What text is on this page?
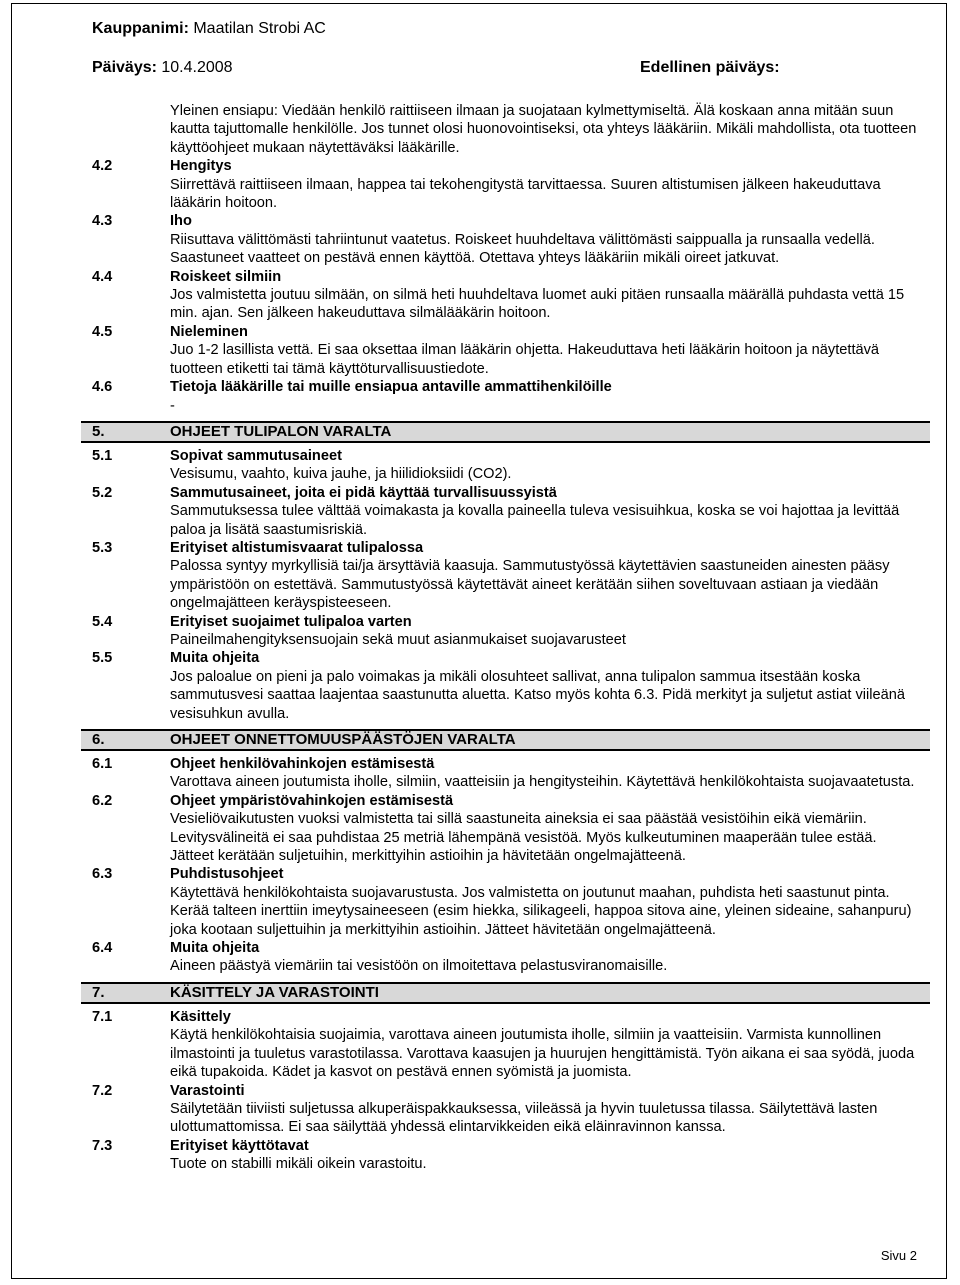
Kauppanimi: Maatilan Strobi AC
Päiväys: 10.4.2008	Edellinen päiväys:
Yleinen ensiapu: Viedään henkilö raittiiseen ilmaan ja suojataan kylmettymiseltä. Älä koskaan anna mitään suun kautta tajuttomalle henkilölle. Jos tunnet olosi huonovointiseksi, ota yhteys lääkäriin. Mikäli mahdollista, ota tuotteen käyttöohjeet mukaan näytettäväksi lääkärille.
4.2	Hengitys
Siirrettävä raittiiseen ilmaan, happea tai tekohengitystä tarvittaessa. Suuren altistumisen jälkeen hakeuduttava lääkärin hoitoon.
4.3	Iho
Riisuttava välittömästi tahriintunut vaatetus. Roiskeet huuhdeltava välittömästi saippualla ja runsaalla vedellä. Saastuneet vaatteet on pestävä ennen käyttöä. Otettava yhteys lääkäriin mikäli oireet jatkuvat.
4.4	Roiskeet silmiin
Jos valmistetta joutuu silmään, on silmä heti huuhdeltava luomet auki pitäen runsaalla määrällä puhdasta vettä 15 min. ajan. Sen jälkeen hakeuduttava silmälääkärin hoitoon.
4.5	Nieleminen
Juo 1-2 lasillista vettä. Ei saa oksettaa ilman lääkärin ohjetta. Hakeuduttava heti lääkärin hoitoon ja näytettävä tuotteen etiketti tai tämä käyttöturvallisuustiedote.
4.6	Tietoja lääkärille tai muille ensiapua antaville ammattihenkilöille
-
5.	OHJEET TULIPALON VARALTA
5.1	Sopivat sammutusaineet
Vesisumu, vaahto, kuiva jauhe, ja hiilidioksiidi (CO2).
5.2	Sammutusaineet, joita ei pidä käyttää turvallisuussyistä
Sammutuksessa tulee välttää voimakasta ja kovalla paineella tuleva vesisuihkua, koska se voi hajottaa ja levittää paloa ja lisätä saastumisriskiä.
5.3	Erityiset altistumisvaarat tulipalossa
Palossa syntyy myrkyllisiä tai/ja ärsyttäviä kaasuja. Sammutustyössä käytettävien saastuneiden ainesten pääsy ympäristöön on estettävä. Sammutustyössä käytettävät aineet kerätään siihen soveltuvaan astiaan ja viedään ongelmajätteen keräyspisteeseen.
5.4	Erityiset suojaimet tulipaloa varten
Paineilmahengityksensuojain sekä muut asianmukaiset suojavarusteet
5.5	Muita ohjeita
Jos paloalue on pieni ja palo voimakas ja mikäli olosuhteet sallivat, anna tulipalon sammua itsestään koska sammutusvesi saattaa laajentaa saastunutta aluetta. Katso myös kohta 6.3. Pidä merkityt ja suljetut astiat viileänä vesisuhkun avulla.
6.	OHJEET ONNETTOMUUSPÄÄSTÖJEN VARALTA
6.1	Ohjeet henkilövahinkojen estämisestä
Varottava aineen joutumista iholle, silmiin, vaatteisiin ja hengitysteihin. Käytettävä henkilökohtaista suojavaatetusta.
6.2	Ohjeet ympäristövahinkojen estämisestä
Vesieliövaikutusten vuoksi valmistetta tai sillä saastuneita aineksia ei saa päästää vesistöihin eikä viemäriin. Levitysvälineitä ei saa puhdistaa 25 metriä lähempänä vesistöä. Myös kulkeutuminen maaperään tulee estää. Jätteet kerätään suljetuihin, merkittyihin astioihin ja hävitetään ongelmajätteenä.
6.3	Puhdistusohjeet
Käytettävä henkilökohtaista suojavarustusta. Jos valmistetta on joutunut maahan, puhdista heti saastunut pinta. Kerää talteen inerttiin imeytysaineeseen (esim hiekka, silikageeli, happoa sitova aine, yleinen sideaine, sahanpuru) joka kootaan suljettuihin ja merkittyihin astioihin. Jätteet hävitetään ongelmajätteenä.
6.4	Muita ohjeita
Aineen päästyä viemäriin tai vesistöön on ilmoitettava pelastusviranomaisille.
7.	KÄSITTELY JA VARASTOINTI
7.1	Käsittely
Käytä henkilökohtaisia suojaimia, varottava aineen joutumista iholle, silmiin ja vaatteisiin. Varmista kunnollinen ilmastointi ja tuuletus varastotilassa. Varottava kaasujen ja huurujen hengittämistä. Työn aikana ei saa syödä, juoda eikä tupakoida. Kädet ja kasvot on pestävä ennen syömistä ja juomista.
7.2	Varastointi
Säilytetään tiiviisti suljetussa alkuperäispakkauksessa, viileässä ja hyvin tuuletussa tilassa. Säilytettävä lasten ulottumattomissa. Ei saa säilyttää yhdessä elintarvikkeiden eikä eläinravinnon kanssa.
7.3	Erityiset käyttötavat
Tuote on stabilli mikäli oikein varastoitu.
Sivu 2
